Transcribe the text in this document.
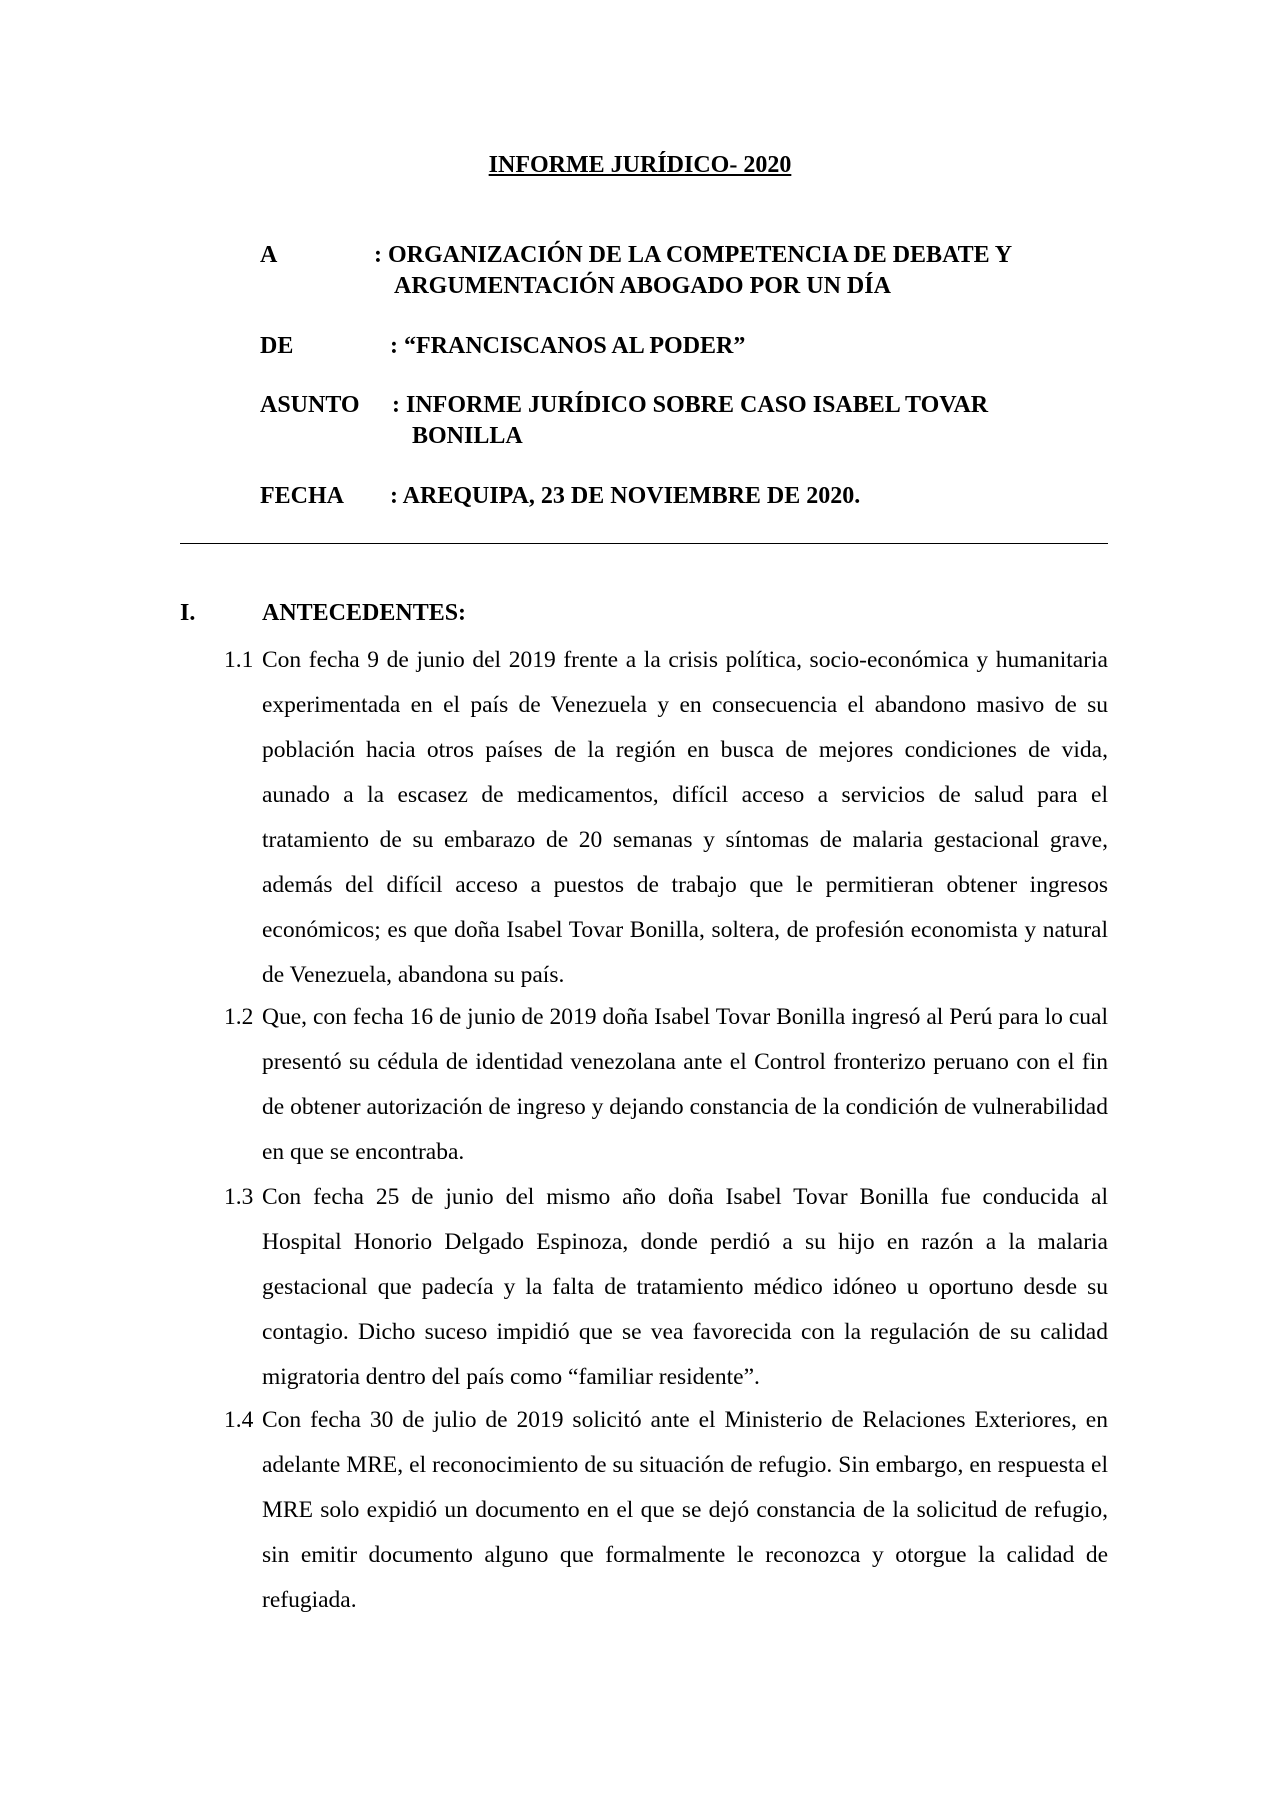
INFORME JURÍDICO- 2020
A	: ORGANIZACIÓN DE LA COMPETENCIA DE DEBATE Y
ARGUMENTACIÓN ABOGADO POR UN DÍA
DE	: “FRANCISCANOS AL PODER”
ASUNTO : INFORME JURÍDICO SOBRE CASO ISABEL TOVAR
BONILLA
FECHA : AREQUIPA, 23 DE NOVIEMBRE DE 2020.
I.	ANTECEDENTES:
1.1 Con fecha 9 de junio del 2019 frente a la crisis política, socio-económica y humanitaria experimentada en el país de Venezuela y en consecuencia el abandono masivo de su población hacia otros países de la región en busca de mejores condiciones de vida, aunado a la escasez de medicamentos, difícil acceso a servicios de salud para el tratamiento de su embarazo de 20 semanas y síntomas de malaria gestacional grave, además del difícil acceso a puestos de trabajo que le permitieran obtener ingresos económicos; es que doña Isabel Tovar Bonilla, soltera, de profesión economista y natural de Venezuela, abandona su país.
1.2 Que, con fecha 16 de junio de 2019 doña Isabel Tovar Bonilla ingresó al Perú para lo cual presentó su cédula de identidad venezolana ante el Control fronterizo peruano con el fin de obtener autorización de ingreso y dejando constancia de la condición de vulnerabilidad en que se encontraba.
1.3 Con fecha 25 de junio del mismo año doña Isabel Tovar Bonilla fue conducida al Hospital Honorio Delgado Espinoza, donde perdió a su hijo en razón a la malaria gestacional que padecía y la falta de tratamiento médico idóneo u oportuno desde su contagio. Dicho suceso impidió que se vea favorecida con la regulación de su calidad migratoria dentro del país como “familiar residente”.
1.4 Con fecha 30 de julio de 2019 solicitó ante el Ministerio de Relaciones Exteriores, en adelante MRE, el reconocimiento de su situación de refugio. Sin embargo, en respuesta el MRE solo expidió un documento en el que se dejó constancia de la solicitud de refugio, sin emitir documento alguno que formalmente le reconozca y otorgue la calidad de refugiada.
